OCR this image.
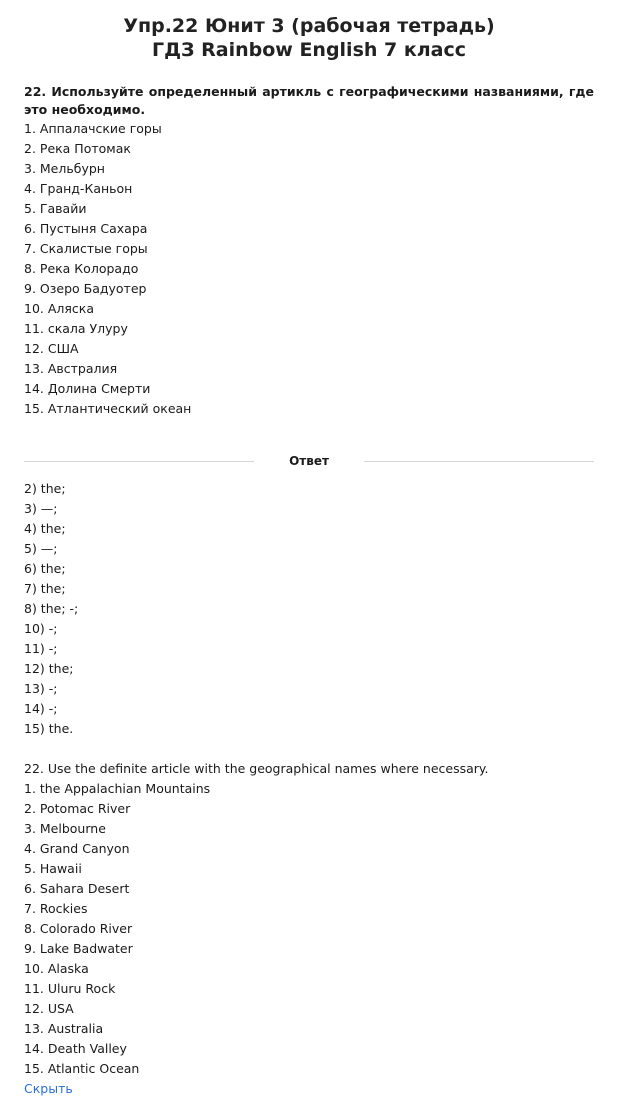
Упр.22 Юнит 3 (рабочая тетрадь)
ГДЗ Rainbow English 7 класс
22. Используйте определенный артикль с географическими названиями, где это необходимо.
1. Аппалачские горы
2. Река Потомак
3. Мельбурн
4. Гранд-Каньон
5. Гавайи
6. Пустыня Сахара
7. Скалистые горы
8. Река Колорадо
9. Озеро Бадуотер
10. Аляска
11. скала Улуру
12. США
13. Австралия
14. Долина Смерти
15. Атлантический океан
Ответ
2) the;
3) —;
4) the;
5) —;
6) the;
7) the;
8) the; -;
10) -;
11) -;
12) the;
13) -;
14) -;
15) the.
22. Use the definite article with the geographical names where necessary.
1. the Appalachian Mountains
2. Potomac River
3. Melbourne
4. Grand Canyon
5. Hawaii
6. Sahara Desert
7. Rockies
8. Colorado River
9. Lake Badwater
10. Alaska
11. Uluru Rock
12. USA
13. Australia
14. Death Valley
15. Atlantic Ocean
Скрыть
